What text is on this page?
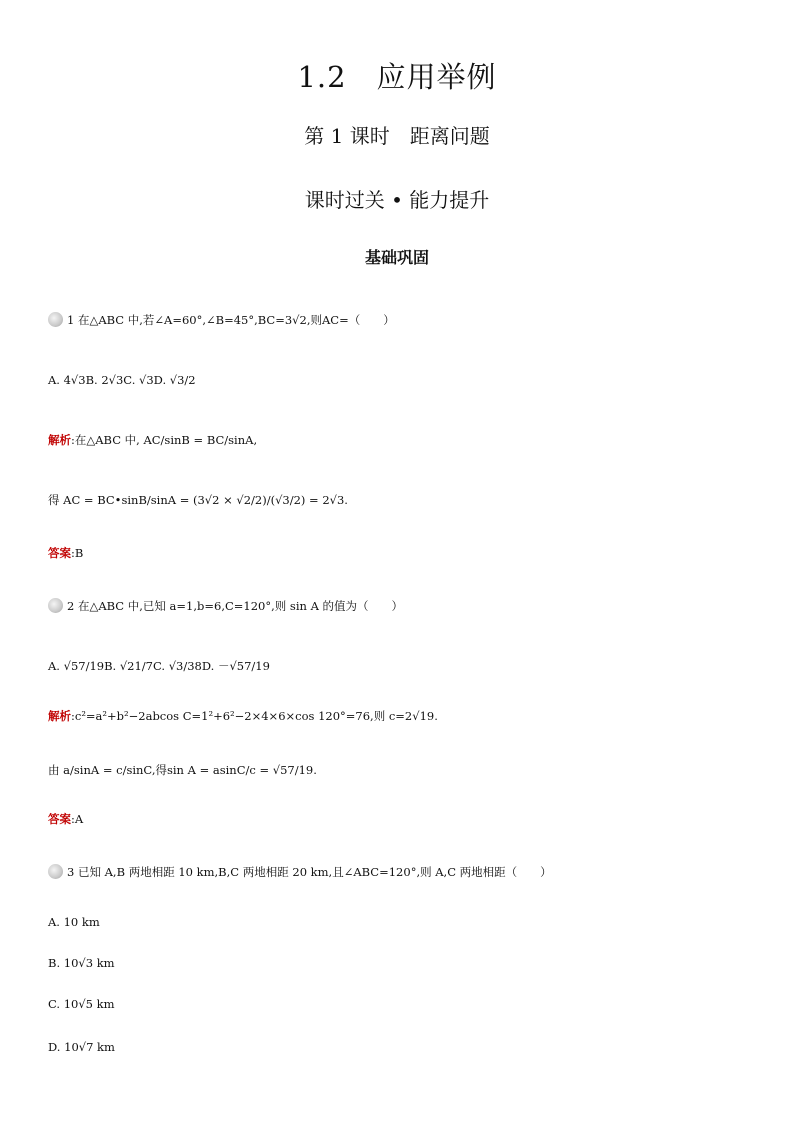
1.2　应用举例
第 1 课时　距离问题
课时过关 • 能力提升
基础巩固
1 在△ABC 中,若∠A=60°,∠B=45°,BC=3√2,则AC=（　　）
A. 4√3B. 2√3C. √3D. √3/2
解析:在△ABC 中, AC/sinB = BC/sinA,
得 AC = BC•sinB/sinA = (3√2 × √2/2)/(√3/2) = 2√3.
答案:B
2 在△ABC 中,已知 a=1,b=6,C=120°,则 sin A 的值为（　　）
A. √57/19B. √21/7C. √3/38D. －√57/19
解析:c²=a²+b²−2abcos C=1²+6²−2×4×6×cos 120°=76,则 c=2√19.
由 a/sinA = c/sinC,得sin A = asinC/c = √57/19.
答案:A
3 已知 A,B 两地相距 10 km,B,C 两地相距 20 km,且∠ABC=120°,则 A,C 两地相距（　　）
A. 10 km
B. 10√3 km
C. 10√5 km
D. 10√7 km
